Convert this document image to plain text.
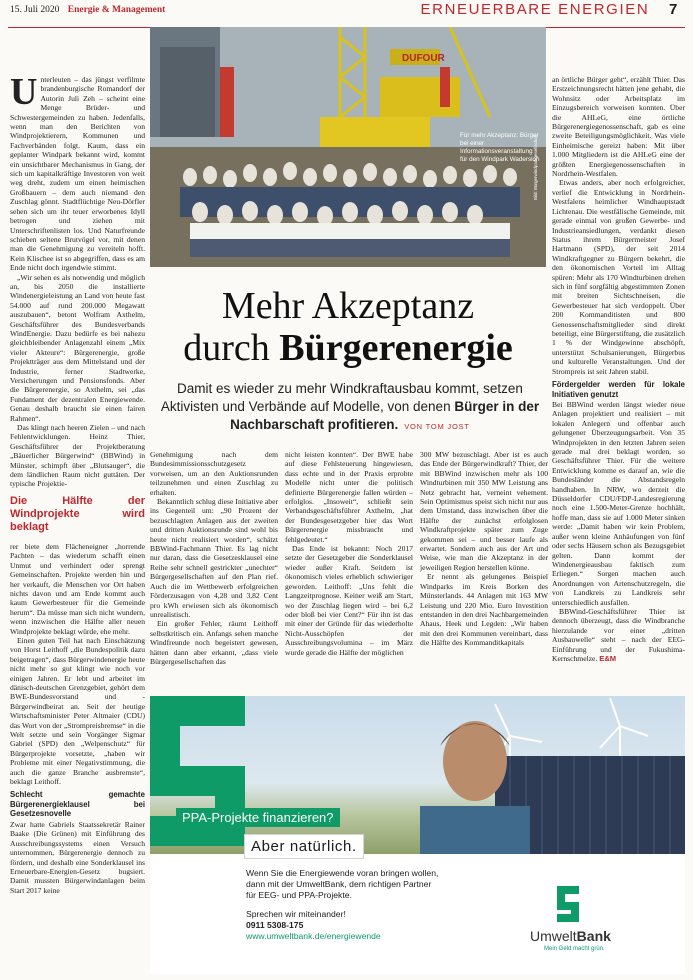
15. Juli 2020 Energie & Management	ERNEUERBARE ENERGIEN 7

Unterleuten – das jüngst verfilmte brandenburgische Romandorf der Autorin Juli Zeh – scheint eine Menge Brüder- und Schwestergemeinden zu haben. Jedenfalls, wenn man den Berichten von Windprojektierern, Kommunen und Fachverbänden folgt. Kaum, dass ein geplanter Windpark bekannt wird, kommt ein unsichtbarer Mechanismus in Gang, der sich um kapitalkräftige Investoren von weit weg dreht, zudem um einen heimischen Großbauern – dem auch niemand den Zuschlag gönnt. Stadtflüchtige Neu-Dörfler sehen sich um ihr teuer erworbenes Idyll betrogen und ziehen mit Unterschriftenlisten los. Und Naturfreunde schieben seltene Brutvögel vor, mit denen man die Genehmigung zu vereiteln hofft. Kein Klischee ist so abgegriffen, dass es am Ende nicht doch irgendwie stimmt.

„Wir sehen es als notwendig und möglich an, bis 2050 die installierte Windenergieleistung an Land von heute fast 54.000 auf rund 200.000 Megawatt auszubauen“, betont Wolfram Axthelm, Geschäftsführer des Bundesverbands WindEnergie. Dazu bedürfe es bei nahezu gleichbleibender Anlagenzahl einem „Mix vieler Akteure“: Bürgerenergie, große Projektträger aus dem Mittelstand und der Industrie, ferner Stadtwerke, Versicherungen und Pensionsfonds. Aber die Bürgerenergie, so Axthelm, sei „das Fundament der dezentralen Energiewende. Genau deshalb braucht sie einen fairen Rahmen“.

Das klingt nach heeren Zielen – und nach Fehlentwicklungen. Heinz Thier, Geschäftsführer der Projektberatung „Bäuerlicher Bürgerwind“ (BBWind) in Münster, schimpft über „Blutsauger“, die dem ländlichen Raum nicht guttäten. Der typische Projektie-

Die Hälfte der Windprojekte wird beklagt

rer biete dem Flächeneigner „horrende Pachten – das wiederum schafft einen Unmut und verhindert oder sprengt Gemeinschaften. Projekte werden hin und her verkauft, die Menschen vor Ort haben nichts davon und am Ende kommt auch kaum Gewerbesteuer für die Gemeinde herum“. Da müsse man sich nicht wundern, wenn inzwischen die Hälfte aller neuen Windprojekte beklagt würde, ehe mehr.

Einen guten Teil hat nach Einschätzung von Horst Leithoff „die Bundespolitik dazu beigetragen“, dass Bürgerwindenergie heute nicht mehr so gut klingt wie noch vor einigen Jahren. Er lebt und arbeitet im dänisch-deutschen Grenzgebiet, gehört dem BWE-Bundesvorstand und -Bürgerwindbeirat an. Seit der heutige Wirtschaftsminister Peter Altmaier (CDU) das Wort von der „Strompreisbremse“ in die Welt setzte und sein Vorgänger Sigmar Gabriel (SPD) den „Welpenschutz“ für Bürgerprojekte vorsetzte, „haben wir Probleme mit einer Negativstimmung, die auch die ganze Branche ausbremste“, beklagt Leithoff.

Schlecht gemachte Bürgerenergieklausel bei Gesetzesnovelle

Zwar hatte Gabriels Staatssekretär Rainer Baake (Die Grünen) mit Einführung des Ausschreibungssystems einen Versuch unternommen, Bürgerenergie dennoch zu fördern, und deshalb eine Sonderklausel ins Erneuerbare-Energien-Gesetz bugsiert. Damit mussten Bürgerwindanlagen beim Start 2017 keine

DUFOUR
Für mehr Akzeptanz: Bürger bei einer Informationsveranstaltung für den Windpark Wadersloh
Bild: Bürgerwindparkgesellschaft
Mehr Akzeptanz
durch Bürgerenergie
Damit es wieder zu mehr Windkraftausbau kommt, setzen Aktivisten und Verbände auf Modelle, von denen Bürger in der Nachbarschaft profitieren. VON TOM JOST

Genehmigung nach dem Bundesimmissionsschutzgesetz vorweisen, um an den Auktionsrunden teilzunehmen und einen Zuschlag zu erhalten.

Bekanntlich schlug diese Initiative aber ins Gegenteil um: „90 Prozent der bezuschlagten Anlagen aus der zweiten und dritten Auktionsrunde sind wohl bis heute nicht realisiert worden“, schätzt BBWind-Fachmann Thier. Es lag nicht nur daran, dass die Gesetzesklausel eine Reihe sehr schnell gestrickter „unechter“ Bürgergesellschaften auf den Plan rief. Auch die im Wettbewerb erfolgreichen Förderzusagen von 4,28 und 3,82 Cent pro kWh erwiesen sich als ökonomisch unrealistisch.

Ein großer Fehler, räumt Leithoff selbstkritisch ein. Anfangs sehen manche Windfreunde noch begeistert gewesen, hätten dann aber erkannt, „dass viele Bürgergesellschaften das

nicht leisten konnten“. Der BWE habe auf diese Fehlsteuerung hingewiesen, dass echte und in der Praxis erprobte Modelle nicht unter die politisch definierte Bürgerenergie fallen würden – erfolglos. „Insoweit“, schließt sein Verbandsgeschäftsführer Axthelm, „hat der Bundesgesetzgeber hier das Wort Bürgerenergie missbraucht und fehlgedeutet.“

Das Ende ist bekannt: Noch 2017 setzte der Gesetzgeber die Sonderklausel wieder außer Kraft. Seitdem ist ökonomisch vieles erheblich schwieriger geworden. Leithoff: „Uns fehlt die Langzeitprognose. Keiner weiß am Start, wo der Zuschlag liegen wird – bei 6,2 oder bloß bei vier Cent?“ Für ihn ist das mit einer der Gründe für das wiederholte Nicht-Ausschöpfen der Ausschreibungsvolumina – im März wurde gerade die Hälfte der möglichen

300 MW bezuschlagt. Aber ist es auch das Ende der Bürgerwindkraft? Thier, der mit BBWind inzwischen mehr als 100 Windturbinen mit 350 MW Leistung ans Netz gebracht hat, verneint vehement. Sein Optimismus speist sich nicht nur aus dem Umstand, dass inzwischen über die Hälfte der zunächst erfolglosen Windkraftprojekte später zum Zuge gekommen sei – und besser laufe als erwartet. Sondern auch aus der Art und Weise, wie man die Akzeptanz in der jeweiligen Region herstellen könne.

Er nennt als gelungenes Beispiel Windparks im Kreis Borken des Münsterlands. 44 Anlagen mit 163 MW Leistung und 220 Mio. Euro Investition entstanden in den drei Nachbargemeinden Ahaus, Heek und Legden: „Wir haben mit den drei Kommunen vereinbart, dass die Hälfte des Kommanditkapitals

an örtliche Bürger geht“, erzählt Thier. Das Erstzeichnungsrecht hätten jene gehabt, die Wohnsitz oder Arbeitsplatz im Einzugsbereich vorweisen konnten. Über die AHLeG, eine örtliche Bürgerenergiegenossenschaft, gab es eine zweite Beteiligungsmöglichkeit. Was viele Einheimische gereizt haben: Mit über 1.000 Mitgliedern ist die AHLeG eine der größten Energiegenossenschaften in Nordrhein-Westfalen.

Etwas anders, aber noch erfolgreicher, verlief die Entwicklung in Nordrhein-Westfalens heimlicher Windhauptstadt Lichtenau. Die westfälische Gemeinde, mit gerade einmal von großen Gewerbe- und Industrieansiedlungen, verdankt diesen Status ihrem Bürgermeister Josef Hartmann (SPD), der seit 2014 Windkraftgegner zu Bürgern bekehrt, die den ökonomischen Vorteil im Alltag spüren: Mehr als 170 Windturbinen drehen sich in fünf sorgfältig abgestimmten Zonen mit breiten Sichtschneisen, die Gewerbesteuer hat sich verdoppelt. Über 200 Kommanditisten und 800 Genossenschaftsmitglieder sind direkt beteiligt, eine Bürgerstiftung, die zusätzlich 1 % der Windgewinne abschöpft, unterstützt Schulsanierungen, Bürgerbus und kulturelle Veranstaltungen. Und der Strompreis ist seit Jahren stabil.

Fördergelder werden für lokale Initiativen genutzt

Bei BBWind werden längst wieder neue Anlagen projektiert und realisiert – mit lokalen Anlegern und offenbar auch gelungener Überzeugungsarbeit. Von 35 Windprojekten in den letzten Jahren seien gerade mal drei beklagt worden, so Geschäftsführer Thier. Für die weitere Entwicklung komme es darauf an, wie die Bundesländer die Abstandsregeln handhaben. In NRW, wo derzeit die Düsseldorfer CDU/FDP-Landesregierung noch eine 1.500-Meter-Grenze hochhält, hoffe man, dass sie auf 1.000 Meter sinken werde: „Damit haben wir kein Problem, außer wenn kleine Anhäufungen von fünf oder sechs Häusern schon als Bezugsgebiet gelten. Dann kommt der Windenergieausbau faktisch zum Erliegen.“ Sorgen machen auch Anordnungen von Artenschutzregeln, die von Landkreis zu Landkreis sehr unterschiedlich ausfallen.

BBWind-Geschäftsführer Thier ist dennoch überzeugt, dass die Windbranche hierzulande vor einer „dritten Ausbauwelle“ steht – nach der EEG-Einführung und der Fukushima-Kernschmelze. E&M

PPA-Projekte finanzieren?
Aber natürlich.
Wenn Sie die Energiewende voran bringen wollen,
dann mit der UmweltBank, dem richtigen Partner
für EEG- und PPA-Projekte.
Sprechen wir miteinander!
0911 5308-175
www.umweltbank.de/energiewende	UmweltBank
Mein Geld macht grün.
